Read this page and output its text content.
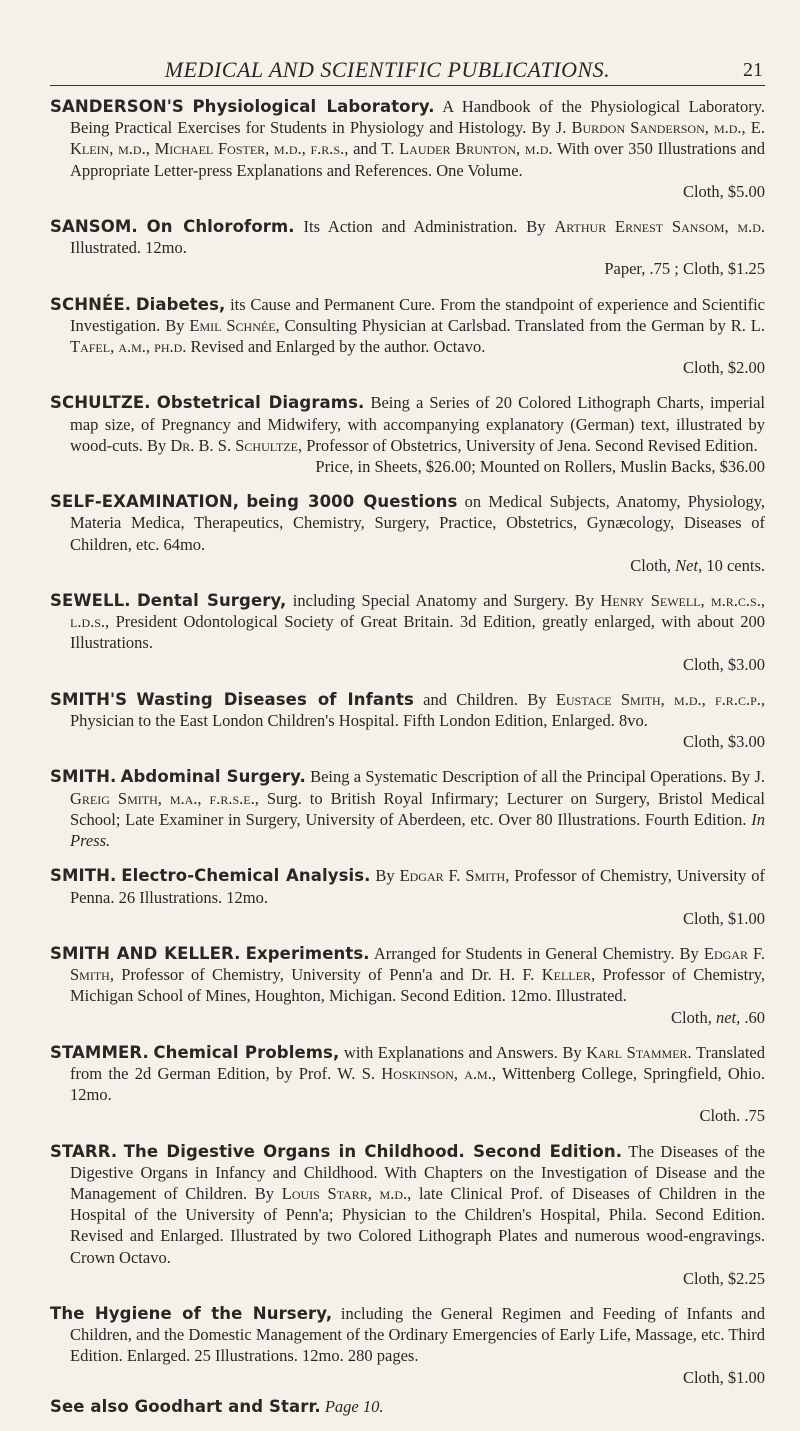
MEDICAL AND SCIENTIFIC PUBLICATIONS.	21
SANDERSON'S Physiological Laboratory. A Handbook of the Physiological Laboratory. Being Practical Exercises for Students in Physiology and Histology. By J. Burdon Sanderson, m.d., E. Klein, m.d., Michael Foster, m.d., f.r.s., and T. Lauder Brunton, m.d. With over 350 Illustrations and Appropriate Letter-press Explanations and References. One Volume.
Cloth, $5.00
SANSOM. On Chloroform. Its Action and Administration. By Arthur Ernest Sansom, m.d. Illustrated. 12mo.
Paper, .75 ; Cloth, $1.25
SCHNÉE. Diabetes, its Cause and Permanent Cure. From the standpoint of experience and Scientific Investigation. By Emil Schnée, Consulting Physician at Carlsbad. Translated from the German by R. L. Tafel, a.m., ph.d. Revised and Enlarged by the author. Octavo.
Cloth, $2.00
SCHULTZE. Obstetrical Diagrams. Being a Series of 20 Colored Lithograph Charts, imperial map size, of Pregnancy and Midwifery, with accompanying explanatory (German) text, illustrated by wood-cuts. By Dr. B. S. Schultze, Professor of Obstetrics, University of Jena. Second Revised Edition.
Price, in Sheets, $26.00; Mounted on Rollers, Muslin Backs, $36.00
SELF-EXAMINATION, being 3000 Questions on Medical Subjects, Anatomy, Physiology, Materia Medica, Therapeutics, Chemistry, Surgery, Practice, Obstetrics, Gynæcology, Diseases of Children, etc. 64mo.
Cloth, Net, 10 cents.
SEWELL. Dental Surgery, including Special Anatomy and Surgery. By Henry Sewell, m.r.c.s., l.d.s., President Odontological Society of Great Britain. 3d Edition, greatly enlarged, with about 200 Illustrations.
Cloth, $3.00
SMITH'S Wasting Diseases of Infants and Children. By Eustace Smith, m.d., f.r.c.p., Physician to the East London Children's Hospital. Fifth London Edition, Enlarged. 8vo.
Cloth, $3.00
SMITH. Abdominal Surgery. Being a Systematic Description of all the Principal Operations. By J. Greig Smith, m.a., f.r.s.e., Surg. to British Royal Infirmary; Lecturer on Surgery, Bristol Medical School; Late Examiner in Surgery, University of Aberdeen, etc. Over 80 Illustrations. Fourth Edition. In Press.
SMITH. Electro-Chemical Analysis. By Edgar F. Smith, Professor of Chemistry, University of Penna. 26 Illustrations. 12mo.
Cloth, $1.00
SMITH AND KELLER. Experiments. Arranged for Students in General Chemistry. By Edgar F. Smith, Professor of Chemistry, University of Penn'a and Dr. H. F. Keller, Professor of Chemistry, Michigan School of Mines, Houghton, Michigan. Second Edition. 12mo. Illustrated.
Cloth, net, .60
STAMMER. Chemical Problems, with Explanations and Answers. By Karl Stammer. Translated from the 2d German Edition, by Prof. W. S. Hoskinson, a.m., Wittenberg College, Springfield, Ohio. 12mo.
Cloth. .75
STARR. The Digestive Organs in Childhood. Second Edition. The Diseases of the Digestive Organs in Infancy and Childhood. With Chapters on the Investigation of Disease and the Management of Children. By Louis Starr, m.d., late Clinical Prof. of Diseases of Children in the Hospital of the University of Penn'a; Physician to the Children's Hospital, Phila. Second Edition. Revised and Enlarged. Illustrated by two Colored Lithograph Plates and numerous wood-engravings. Crown Octavo.
Cloth, $2.25
The Hygiene of the Nursery, including the General Regimen and Feeding of Infants and Children, and the Domestic Management of the Ordinary Emergencies of Early Life, Massage, etc. Third Edition. Enlarged. 25 Illustrations. 12mo. 280 pages.
Cloth, $1.00
See also Goodhart and Starr. Page 10.
